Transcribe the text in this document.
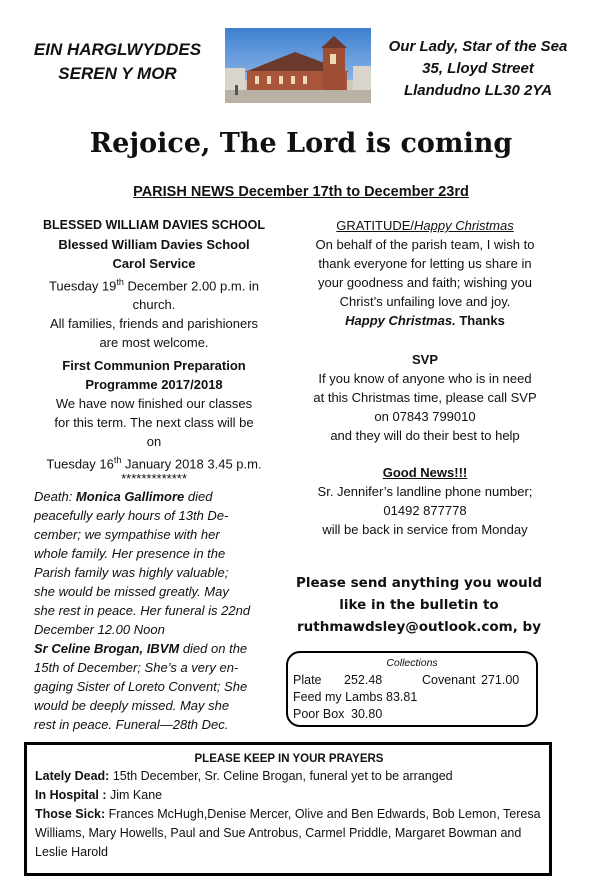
EIN HARGLWYDDES
SEREN Y MOR
Our Lady, Star of the Sea
35, Lloyd Street
Llandudno LL30 2YA
Rejoice, The Lord is coming
PARISH NEWS December 17th to December 23rd

BLESSED WILLIAM DAVIES SCHOOL

Blessed William Davies School

Carol Service

Tuesday 19th December 2.00 p.m. in

church.

All families, friends and parishioners

are most welcome.

First Communion Preparation

Programme 2017/2018

We have now finished our classes

for this term. The next class will be

on

Tuesday 16th January 2018 3.45 p.m.

*************

Death: Monica Gallimore died
peacefully early hours of 13th De-
cember; we sympathise with her
whole family. Her presence in the
Parish family was highly valuable;
she would be missed greatly. May
she rest in peace. Her funeral is 22nd
December 12.00 Noon

Sr Celine Brogan, IBVM died on the
15th of December; She’s a very en-
gaging Sister of Loreto Convent; She
would be deeply missed. May she
rest in peace. Funeral—28th Dec.

GRATITUDE/Happy Christmas

On behalf of the parish team, I wish to

thank everyone for letting us share in

your goodness and faith; wishing you

Christ’s unfailing love and joy.

Happy Christmas. Thanks

SVP

If you know of anyone who is in need

at this Christmas time, please call SVP

on 07843 799010

and they will do their best to help

Good News!!!

Sr. Jennifer’s landline phone number;

01492 877778

will be back in service from Monday

Please send anything you would
like in the bulletin to
ruthmawdsley@outlook.com, by
Collections
Plate 252.48	Covenant 271.00
Feed my Lambs 83.81
Poor Box 30.80

PLEASE KEEP IN YOUR PRAYERS

Lately Dead: 15th December, Sr. Celine Brogan, funeral yet to be arranged

In Hospital : Jim Kane

Those Sick: Frances McHugh,Denise Mercer, Olive and Ben Edwards, Bob Lemon, Teresa Williams, Mary Howells, Paul and Sue Antrobus, Carmel Priddle, Margaret Bowman and Leslie Harold
